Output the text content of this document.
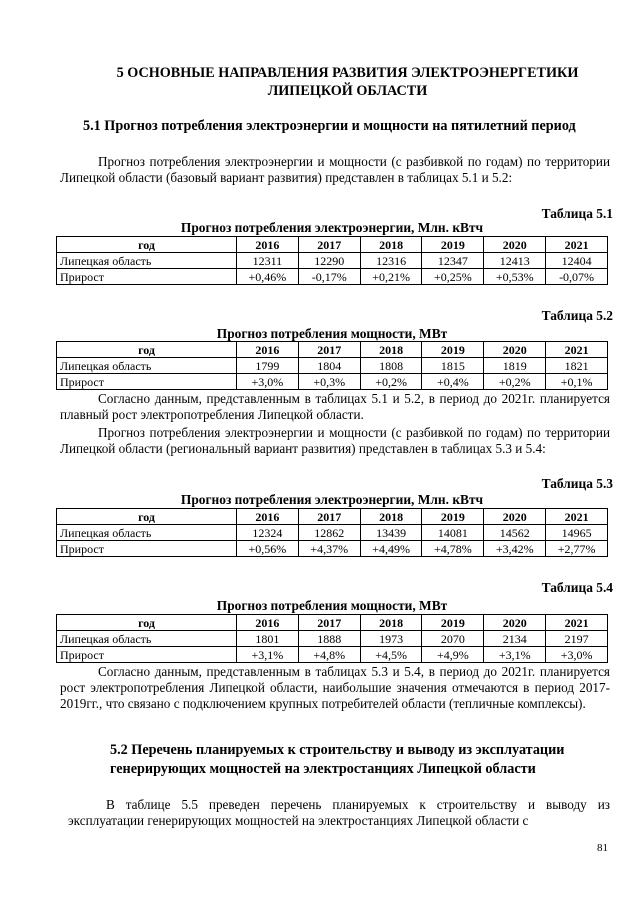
5 ОСНОВНЫЕ НАПРАВЛЕНИЯ РАЗВИТИЯ ЭЛЕКТРОЭНЕРГЕТИКИ
ЛИПЕЦКОЙ ОБЛАСТИ
5.1 Прогноз потребления электроэнергии и мощности на пятилетний период
Прогноз потребления электроэнергии и мощности (с разбивкой по годам) по территории Липецкой области (базовый вариант развития) представлен в таблицах 5.1 и 5.2:
Таблица 5.1
Прогноз потребления электроэнергии, Млн. кВтч
год	2016	2017	2018	2019	2020	2021
Липецкая область	12311	12290	12316	12347	12413	12404
Прирост	+0,46%	-0,17%	+0,21%	+0,25%	+0,53%	-0,07%
Таблица 5.2
Прогноз потребления мощности, МВт
год	2016	2017	2018	2019	2020	2021
Липецкая область	1799	1804	1808	1815	1819	1821
Прирост	+3,0%	+0,3%	+0,2%	+0,4%	+0,2%	+0,1%
Согласно данным, представленным в таблицах 5.1 и 5.2, в период до 2021г. планируется плавный рост электропотребления Липецкой области.
Прогноз потребления электроэнергии и мощности (с разбивкой по годам) по территории Липецкой области (региональный вариант развития) представлен в таблицах 5.3 и 5.4:
Таблица 5.3
Прогноз потребления электроэнергии, Млн. кВтч
год	2016	2017	2018	2019	2020	2021
Липецкая область	12324	12862	13439	14081	14562	14965
Прирост	+0,56%	+4,37%	+4,49%	+4,78%	+3,42%	+2,77%
Таблица 5.4
Прогноз потребления мощности, МВт
год	2016	2017	2018	2019	2020	2021
Липецкая область	1801	1888	1973	2070	2134	2197
Прирост	+3,1%	+4,8%	+4,5%	+4,9%	+3,1%	+3,0%
Согласно данным, представленным в таблицах 5.3 и 5.4, в период до 2021г. планируется рост электропотребления Липецкой области, наибольшие значения отмечаются в период 2017-2019гг., что связано с подключением крупных потребителей области (тепличные комплексы).
5.2 Перечень планируемых к строительству и выводу из эксплуатации
генерирующих мощностей на электростанциях Липецкой области
В таблице 5.5 преведен перечень планируемых к строительству и выводу из эксплуатации генерирующих мощностей на электростанциях Липецкой области с
81
